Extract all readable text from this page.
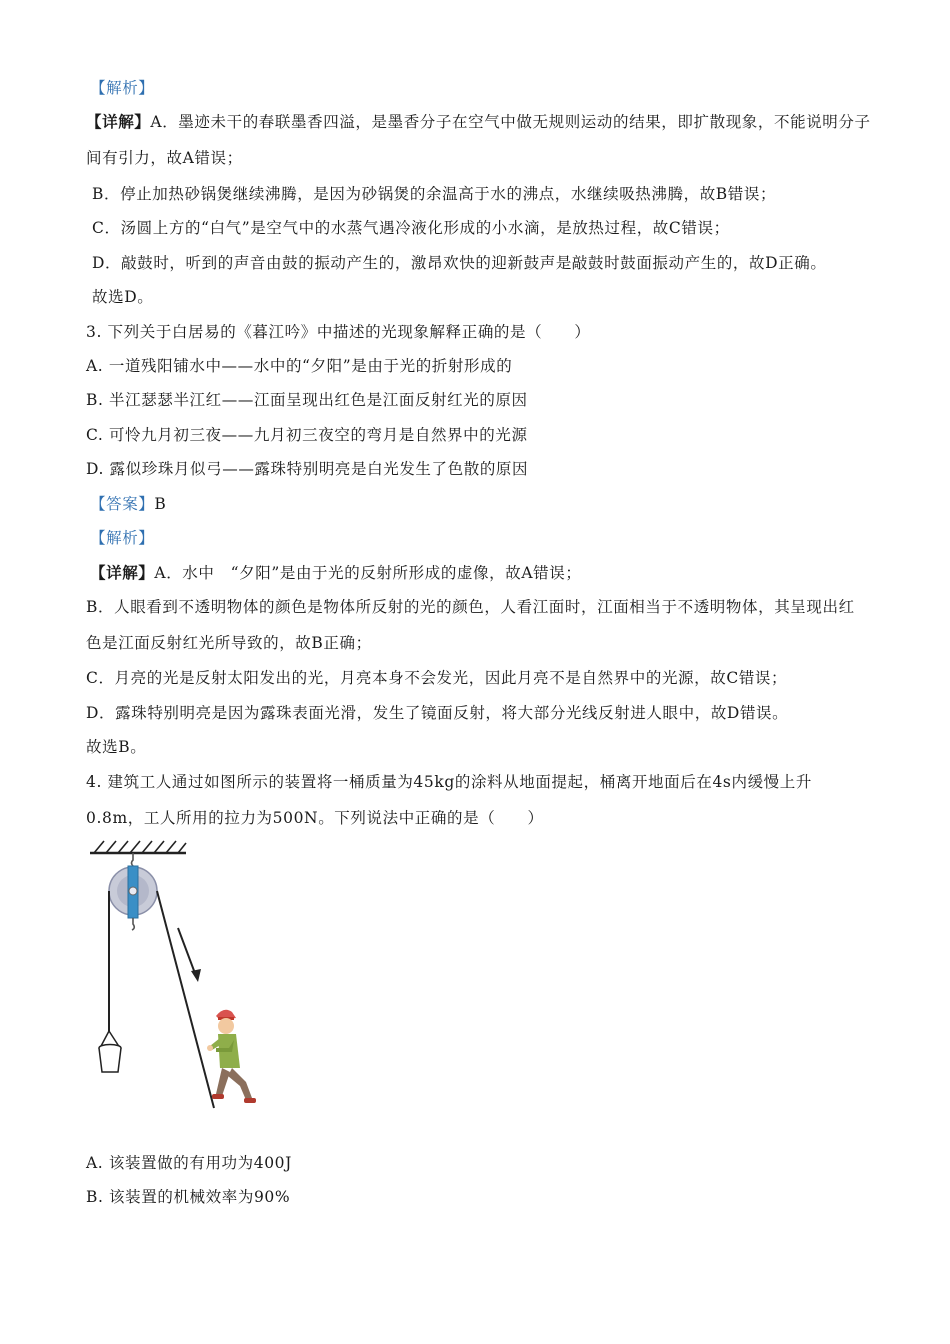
【解析】
【详解】A．墨迹未干的春联墨香四溢，是墨香分子在空气中做无规则运动的结果，即扩散现象，不能说明分子
间有引力，故A错误；
B．停止加热砂锅煲继续沸腾，是因为砂锅煲的余温高于水的沸点，水继续吸热沸腾，故B错误；
C．汤圆上方的“白气”是空气中的水蒸气遇冷液化形成的小水滴，是放热过程，故C错误；
D．敲鼓时，听到的声音由鼓的振动产生的，激昂欢快的迎新鼓声是敲鼓时鼓面振动产生的，故D正确。
故选D。
3. 下列关于白居易的《暮江吟》中描述的光现象解释正确的是（　　）
A. 一道残阳铺水中——水中的“夕阳”是由于光的折射形成的
B. 半江瑟瑟半江红——江面呈现出红色是江面反射红光的原因
C. 可怜九月初三夜——九月初三夜空的弯月是自然界中的光源
D. 露似珍珠月似弓——露珠特别明亮是白光发生了色散的原因
【答案】B
【解析】
【详解】A．水中　“夕阳”是由于光的反射所形成的虚像，故A错误；
B．人眼看到不透明物体的颜色是物体所反射的光的颜色，人看江面时，江面相当于不透明物体，其呈现出红
色是江面反射红光所导致的，故B正确；
C．月亮的光是反射太阳发出的光，月亮本身不会发光，因此月亮不是自然界中的光源，故C错误；
D．露珠特别明亮是因为露珠表面光滑，发生了镜面反射，将大部分光线反射进人眼中，故D错误。
故选B。
4. 建筑工人通过如图所示的装置将一桶质量为45kg的涂料从地面提起，桶离开地面后在4s内缓慢上升
0.8m，工人所用的拉力为500N。下列说法中正确的是（　　）
A. 该装置做的有用功为400J
B. 该装置的机械效率为90%
